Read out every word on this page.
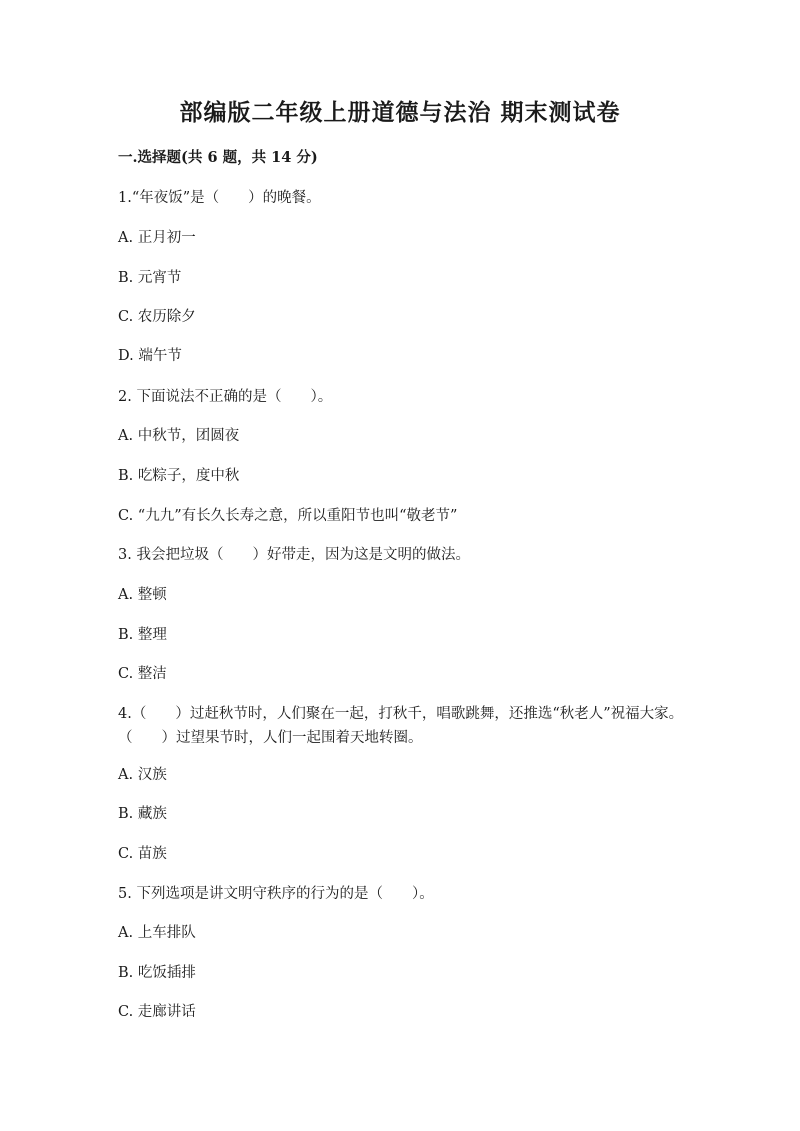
部编版二年级上册道德与法治 期末测试卷
一.选择题(共 6 题，共 14 分)
1.“年夜饭”是（　　）的晚餐。
A. 正月初一
B. 元宵节
C. 农历除夕
D. 端午节
2. 下面说法不正确的是（　　）。
A. 中秋节，团圆夜
B. 吃粽子，度中秋
C. “九九”有长久长寿之意，所以重阳节也叫“敬老节”
3. 我会把垃圾（　　）好带走，因为这是文明的做法。
A. 整顿
B. 整理
C. 整洁
4.（　　）过赶秋节时，人们聚在一起，打秋千，唱歌跳舞，还推选“秋老人”祝福大家。（　　）过望果节时，人们一起围着天地转圈。
A. 汉族
B. 藏族
C. 苗族
5. 下列选项是讲文明守秩序的行为的是（　　）。
A. 上车排队
B. 吃饭插排
C. 走廊讲话
